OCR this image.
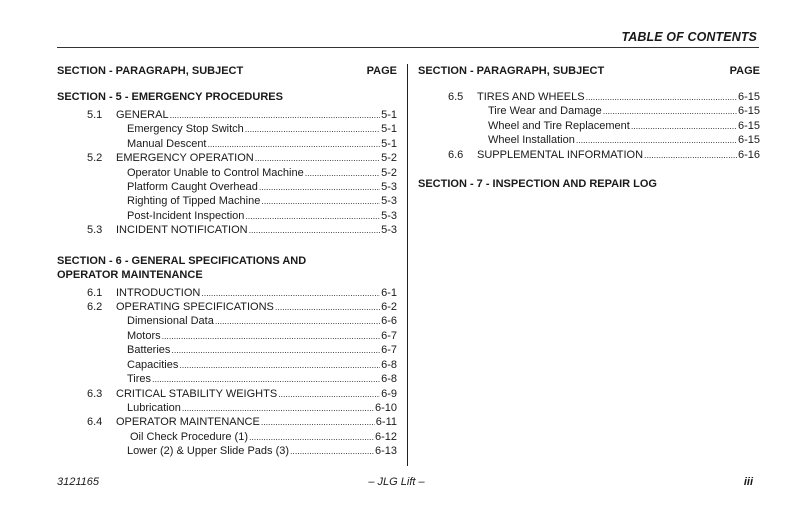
TABLE OF CONTENTS
SECTION - PARAGRAPH, SUBJECT	PAGE
SECTION - 5 - EMERGENCY PROCEDURES
5.1	GENERAL . . .	5-1
Emergency Stop Switch . . .	5-1
Manual Descent . . .	5-1
5.2	EMERGENCY OPERATION . . .	5-2
Operator Unable to Control Machine . . .	5-2
Platform Caught Overhead . . .	5-3
Righting of Tipped Machine . . .	5-3
Post-Incident Inspection . . .	5-3
5.3	INCIDENT NOTIFICATION . . .	5-3
SECTION - 6 - GENERAL SPECIFICATIONS AND OPERATOR MAINTENANCE
6.1	INTRODUCTION . . .	6-1
6.2	OPERATING SPECIFICATIONS . . .	6-2
Dimensional Data . . .	6-6
Motors . . .	6-7
Batteries . . .	6-7
Capacities . . .	6-8
Tires . . .	6-8
6.3	CRITICAL STABILITY WEIGHTS . . .	6-9
Lubrication . . .	6-10
6.4	OPERATOR MAINTENANCE . . .	6-11
Oil Check Procedure (1) . . .	6-12
Lower (2) & Upper Slide Pads (3) . . .	6-13
SECTION - PARAGRAPH, SUBJECT	PAGE
6.5	TIRES AND WHEELS . . .	6-15
Tire Wear and Damage . . .	6-15
Wheel and Tire Replacement . . .	6-15
Wheel Installation . . .	6-15
6.6	SUPPLEMENTAL INFORMATION . . .	6-16
SECTION - 7 - INSPECTION AND REPAIR LOG
3121165	– JLG Lift –	iii
